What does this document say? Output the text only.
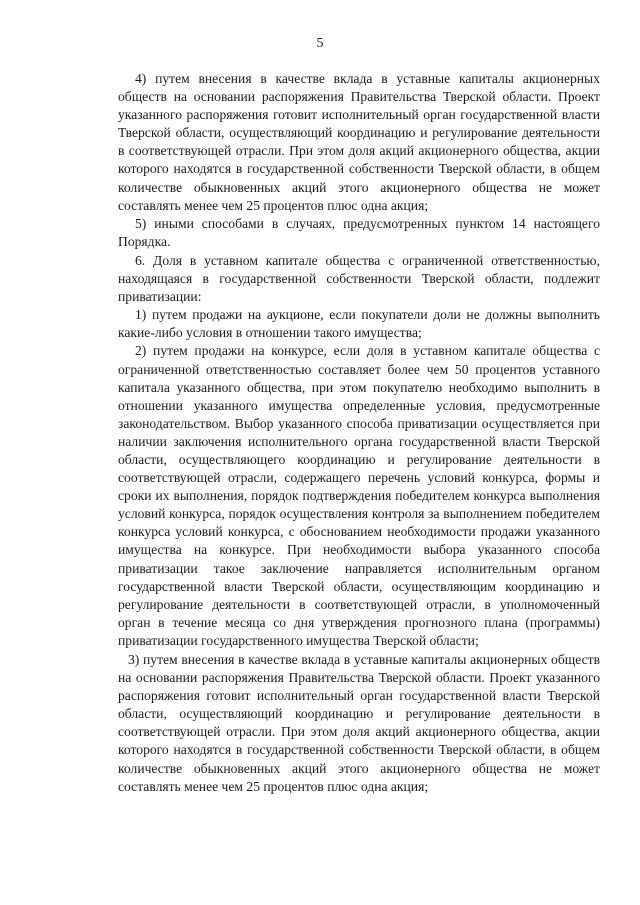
5

4) путем внесения в качестве вклада в уставные капиталы акционерных обществ на основании распоряжения Правительства Тверской области. Проект указанного распоряжения готовит исполнительный орган государственной власти Тверской области, осуществляющий координацию и регулирование деятельности в соответствующей отрасли. При этом доля акций акционерного общества, акции которого находятся в государственной собственности Тверской области, в общем количестве обыкновенных акций этого акционерного общества не может составлять менее чем 25 процентов плюс одна акция;

5) иными способами в случаях, предусмотренных пунктом 14 настоящего Порядка.

6. Доля в уставном капитале общества с ограниченной ответственностью, находящаяся в государственной собственности Тверской области, подлежит приватизации:

1) путем продажи на аукционе, если покупатели доли не должны выполнить какие-либо условия в отношении такого имущества;

2) путем продажи на конкурсе, если доля в уставном капитале общества с ограниченной ответственностью составляет более чем 50 процентов уставного капитала указанного общества, при этом покупателю необходимо выполнить в отношении указанного имущества определенные условия, предусмотренные законодательством. Выбор указанного способа приватизации осуществляется при наличии заключения исполнительного органа государственной власти Тверской области, осуществляющего координацию и регулирование деятельности в соответствующей отрасли, содержащего перечень условий конкурса, формы и сроки их выполнения, порядок подтверждения победителем конкурса выполнения условий конкурса, порядок осуществления контроля за выполнением победителем конкурса условий конкурса, с обоснованием необходимости продажи указанного имущества на конкурсе. При необходимости выбора указанного способа приватизации такое заключение направляется исполнительным органом государственной власти Тверской области, осуществляющим координацию и регулирование деятельности в соответствующей отрасли, в уполномоченный орган в течение месяца со дня утверждения прогнозного плана (программы) приватизации государственного имущества Тверской области;

3) путем внесения в качестве вклада в уставные капиталы акционерных обществ на основании распоряжения Правительства Тверской области. Проект указанного распоряжения готовит исполнительный орган государственной власти Тверской области, осуществляющий координацию и регулирование деятельности в соответствующей отрасли. При этом доля акций акционерного общества, акции которого находятся в государственной собственности Тверской области, в общем количестве обыкновенных акций этого акционерного общества не может составлять менее чем 25 процентов плюс одна акция;
